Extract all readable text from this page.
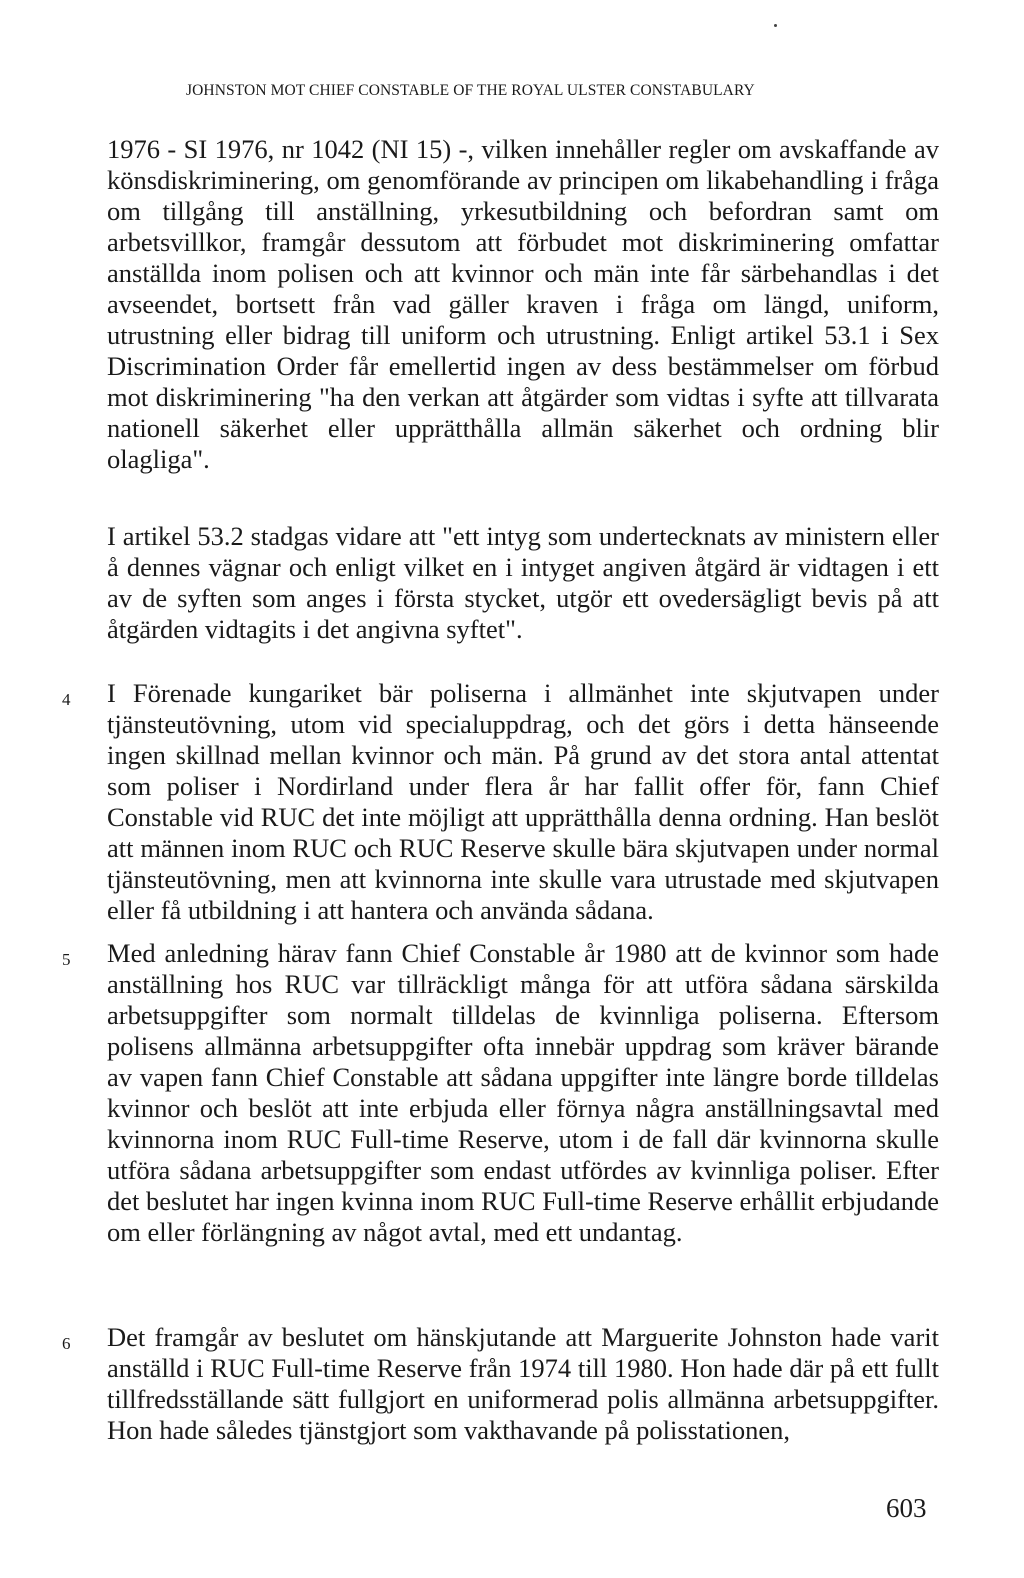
JOHNSTON MOT CHIEF CONSTABLE OF THE ROYAL ULSTER CONSTABULARY
1976 - SI 1976, nr 1042 (NI 15) -, vilken innehåller regler om avskaffande av könsdiskriminering, om genomförande av principen om likabehandling i fråga om tillgång till anställning, yrkesutbildning och befordran samt om arbetsvillkor, framgår dessutom att förbudet mot diskriminering omfattar anställda inom polisen och att kvinnor och män inte får särbehandlas i det avseendet, bortsett från vad gäller kraven i fråga om längd, uniform, utrustning eller bidrag till uniform och utrustning. Enligt artikel 53.1 i Sex Discrimination Order får emellertid ingen av dess bestämmelser om förbud mot diskriminering "ha den verkan att åtgärder som vidtas i syfte att tillvarata nationell säkerhet eller upprätthålla allmän säkerhet och ordning blir olagliga".
I artikel 53.2 stadgas vidare att "ett intyg som undertecknats av ministern eller å dennes vägnar och enligt vilket en i intyget angiven åtgärd är vidtagen i ett av de syften som anges i första stycket, utgör ett ovedersägligt bevis på att åtgärden vidtagits i det angivna syftet".
4 I Förenade kungariket bär poliserna i allmänhet inte skjutvapen under tjänsteutövning, utom vid specialuppdrag, och det görs i detta hänseende ingen skillnad mellan kvinnor och män. På grund av det stora antal attentat som poliser i Nordirland under flera år har fallit offer för, fann Chief Constable vid RUC det inte möjligt att upprätthålla denna ordning. Han beslöt att männen inom RUC och RUC Reserve skulle bära skjutvapen under normal tjänsteutövning, men att kvinnorna inte skulle vara utrustade med skjutvapen eller få utbildning i att hantera och använda sådana.
5 Med anledning härav fann Chief Constable år 1980 att de kvinnor som hade anställning hos RUC var tillräckligt många för att utföra sådana särskilda arbetsuppgifter som normalt tilldelas de kvinnliga poliserna. Eftersom polisens allmänna arbetsuppgifter ofta innebär uppdrag som kräver bärande av vapen fann Chief Constable att sådana uppgifter inte längre borde tilldelas kvinnor och beslöt att inte erbjuda eller förnya några anställningsavtal med kvinnorna inom RUC Full-time Reserve, utom i de fall där kvinnorna skulle utföra sådana arbetsuppgifter som endast utfördes av kvinnliga poliser. Efter det beslutet har ingen kvinna inom RUC Full-time Reserve erhållit erbjudande om eller förlängning av något avtal, med ett undantag.
6 Det framgår av beslutet om hänskjutande att Marguerite Johnston hade varit anställd i RUC Full-time Reserve från 1974 till 1980. Hon hade där på ett fullt tillfredsställande sätt fullgjort en uniformerad polis allmänna arbetsuppgifter. Hon hade således tjänstgjort som vakthavande på polisstationen,
603
